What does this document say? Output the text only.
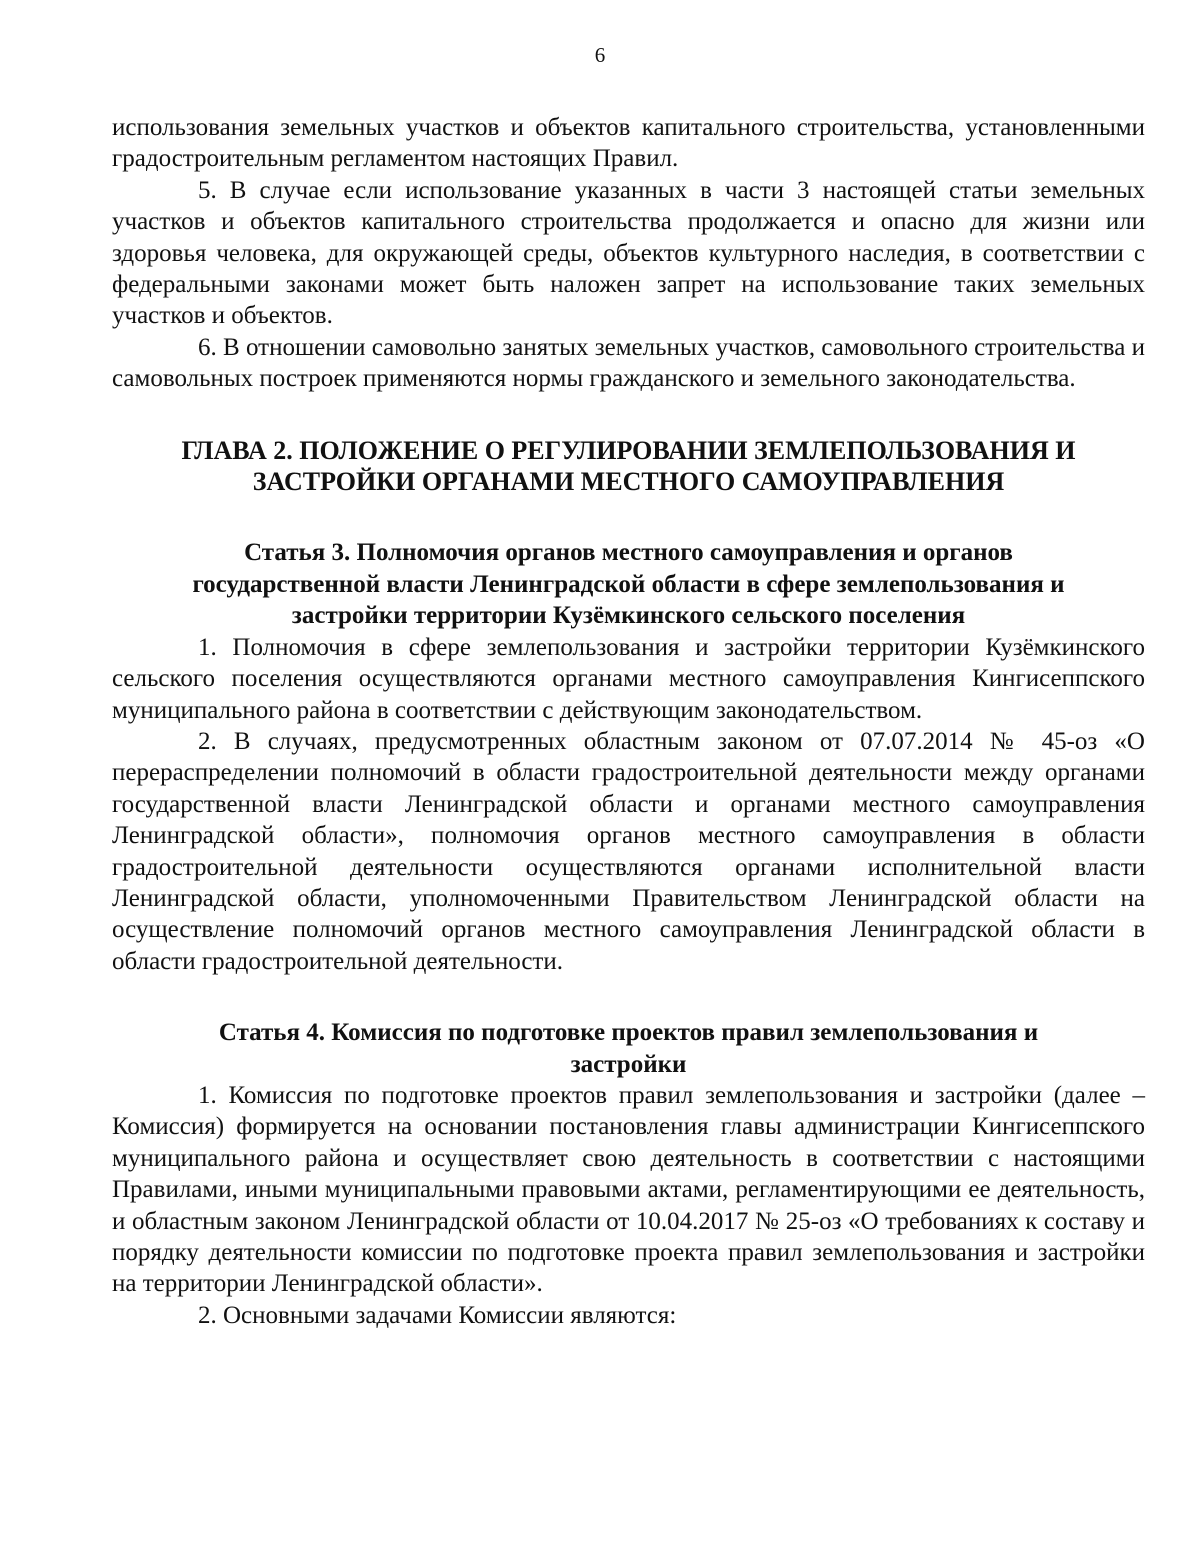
6

использования земельных участков и объектов капитального строительства, установленными градостроительным регламентом настоящих Правил.

5. В случае если использование указанных в части 3 настоящей статьи земельных участков и объектов капитального строительства продолжается и опасно для жизни или здоровья человека, для окружающей среды, объектов культурного наследия, в соответствии с федеральными законами может быть наложен запрет на использование таких земельных участков и объектов.

6. В отношении самовольно занятых земельных участков, самовольного строительства и самовольных построек применяются нормы гражданского и земельного законодательства.

ГЛАВА 2. ПОЛОЖЕНИЕ О РЕГУЛИРОВАНИИ ЗЕМЛЕПОЛЬЗОВАНИЯ И
ЗАСТРОЙКИ ОРГАНАМИ МЕСТНОГО САМОУПРАВЛЕНИЯ
Статья 3. Полномочия органов местного самоуправления и органов
государственной власти Ленинградской области в сфере землепользования и
застройки территории Кузёмкинского сельского поселения

1. Полномочия в сфере землепользования и застройки территории Кузёмкинского сельского поселения осуществляются органами местного самоуправления Кингисеппского муниципального района в соответствии с действующим законодательством.

2. В случаях, предусмотренных областным законом от 07.07.2014 № 45-оз «О перераспределении полномочий в области градостроительной деятельности между органами государственной власти Ленинградской области и органами местного самоуправления Ленинградской области», полномочия органов местного самоуправления в области градостроительной деятельности осуществляются органами исполнительной власти Ленинградской области, уполномоченными Правительством Ленинградской области на осуществление полномочий органов местного самоуправления Ленинградской области в области градостроительной деятельности.

Статья 4. Комиссия по подготовке проектов правил землепользования и
застройки

1. Комиссия по подготовке проектов правил землепользования и застройки (далее – Комиссия) формируется на основании постановления главы администрации Кингисеппского муниципального района и осуществляет свою деятельность в соответствии с настоящими Правилами, иными муниципальными правовыми актами, регламентирующими ее деятельность, и областным законом Ленинградской области от 10.04.2017 № 25-оз «О требованиях к составу и порядку деятельности комиссии по подготовке проекта правил землепользования и застройки на территории Ленинградской области».

2. Основными задачами Комиссии являются:
